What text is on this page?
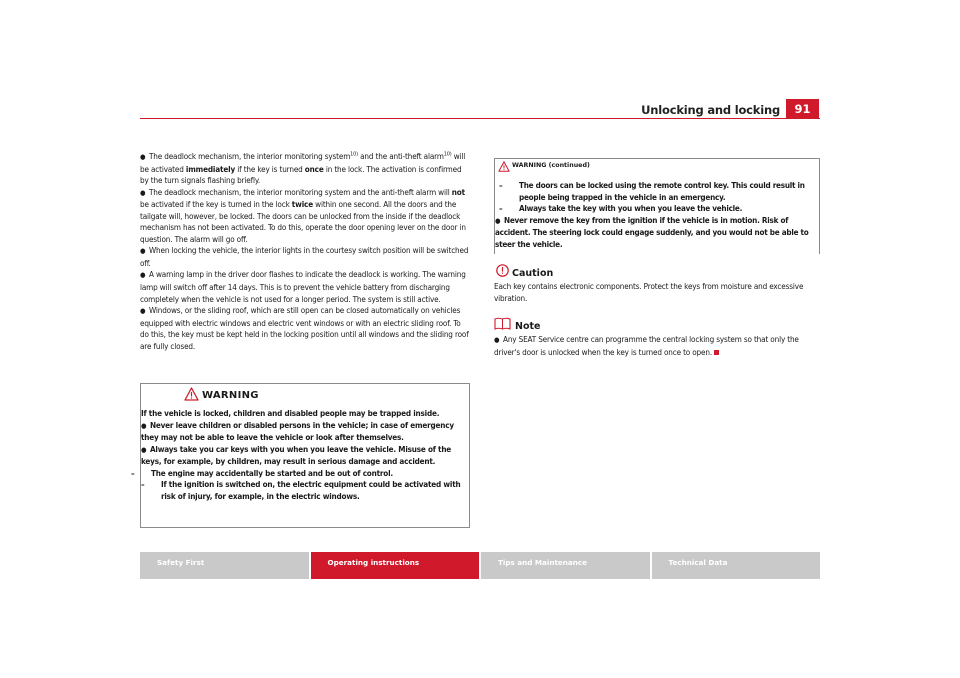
Unlocking and locking	91

● The deadlock mechanism, the interior monitoring system$^{10)}$ and the anti-theft alarm$^{10)}$ will be activated immediately if the key is turned once in the lock. The activation is confirmed by the turn signals flashing briefly.

● The deadlock mechanism, the interior monitoring system and the anti-theft alarm will not be activated if the key is turned in the lock twice within one second. All the doors and the tailgate will, however, be locked. The doors can be unlocked from the inside if the deadlock mechanism has not been activated. To do this, operate the door opening lever on the door in question. The alarm will go off.

● When locking the vehicle, the interior lights in the courtesy switch position will be switched off.

● A warning lamp in the driver door flashes to indicate the deadlock is working. The warning lamp will switch off after 14 days. This is to prevent the vehicle battery from discharging completely when the vehicle is not used for a longer period. The system is still active.

● Windows, or the sliding roof, which are still open can be closed automatically on vehicles equipped with electric windows and electric vent windows or with an electric sliding roof. To do this, the key must be kept held in the locking position until all windows and the sliding roof are fully closed.

WARNING

If the vehicle is locked, children and disabled people may be trapped inside.

● Never leave children or disabled persons in the vehicle; in case of emergency they may not be able to leave the vehicle or look after themselves.

● Always take you car keys with you when you leave the vehicle. Misuse of the keys, for example, by children, may result in serious damage and accident.

– The engine may accidentally be started and be out of control.

– If the ignition is switched on, the electric equipment could be activated with risk of injury, for example, in the electric windows.

WARNING (continued)

– The doors can be locked using the remote control key. This could result in people being trapped in the vehicle in an emergency.

– Always take the key with you when you leave the vehicle.

● Never remove the key from the ignition if the vehicle is in motion. Risk of accident. The steering lock could engage suddenly, and you would not be able to steer the vehicle.

Caution
Each key contains electronic components. Protect the keys from moisture and excessive vibration.
Note
● Any SEAT Service centre can programme the central locking system so that only the driver's door is unlocked when the key is turned once to open.
Safety First	Operating instructions	Tips and Maintenance	Technical Data
